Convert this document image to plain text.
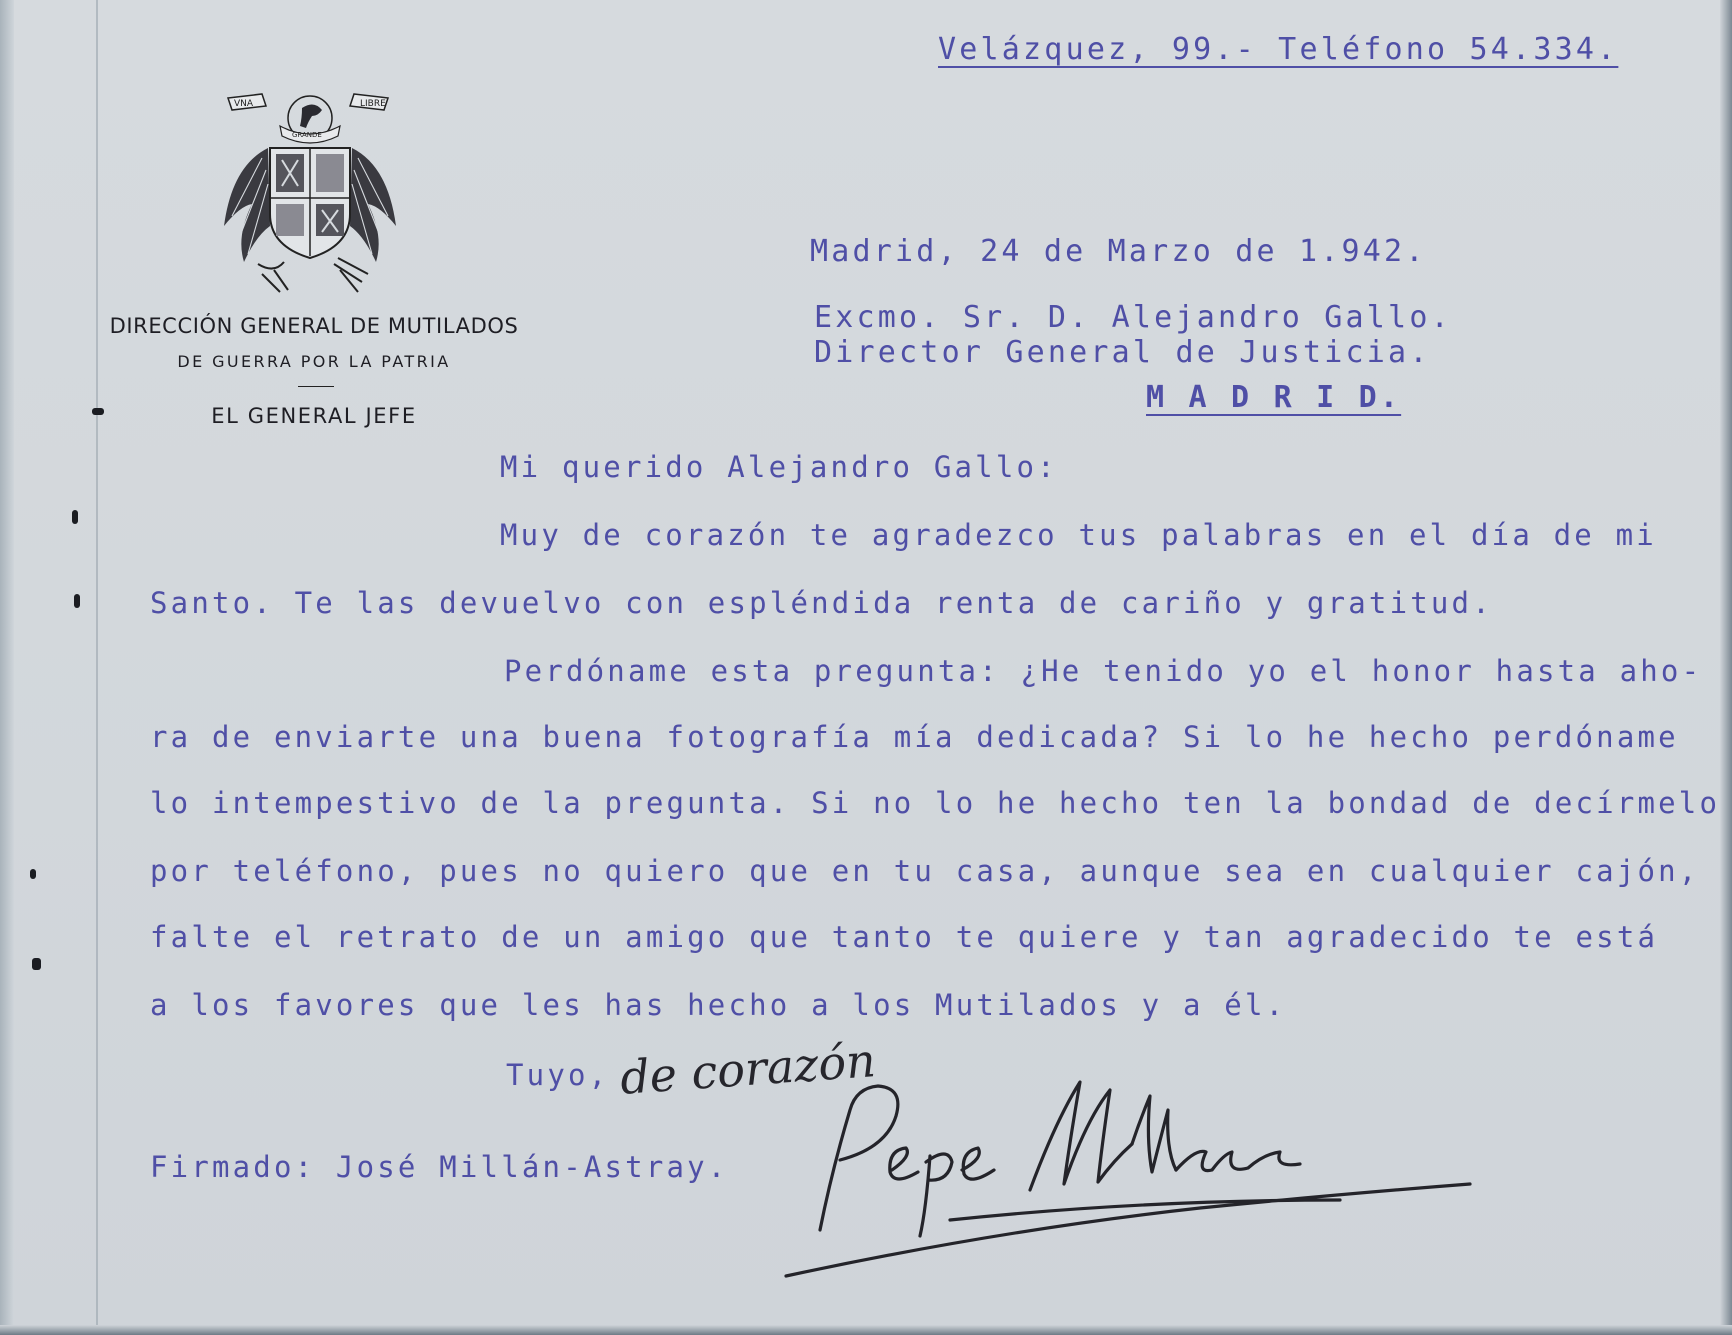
Velázquez, 99.- Teléfono 54.334.
VNA	LIBRE
GRANDE
DIRECCIÓN GENERAL DE MUTILADOS
DE GUERRA POR LA PATRIA
EL GENERAL JEFE
Madrid, 24 de Marzo de 1.942.
Excmo. Sr. D. Alejandro Gallo.
Director General de Justicia.
M A D R I D.
Mi querido Alejandro Gallo:
Muy de corazón te agradezco tus palabras en el día de mi
Santo. Te las devuelvo con espléndida renta de cariño y gratitud.
Perdóname esta pregunta: ¿He tenido yo el honor hasta aho-
ra de enviarte una buena fotografía mía dedicada? Si lo he hecho perdóname
lo intempestivo de la pregunta. Si no lo he hecho ten la bondad de decírmelo
por teléfono, pues no quiero que en tu casa, aunque sea en cualquier cajón,
falte el retrato de un amigo que tanto te quiere y tan agradecido te está
a los favores que les has hecho a los Mutilados y a él.
Tuyo, de corazón
Firmado: José Millán-Astray.
